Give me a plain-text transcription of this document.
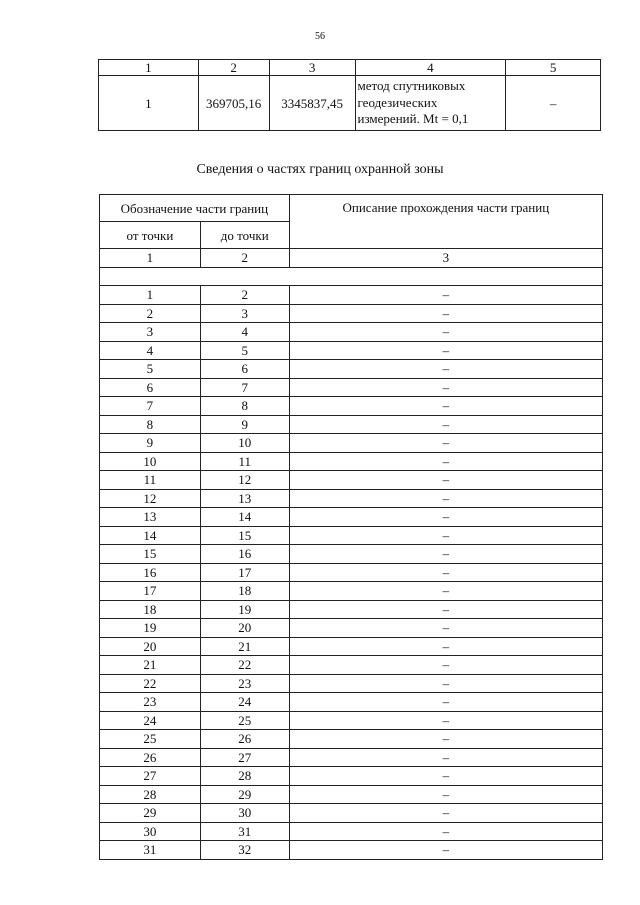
56
1	2	3	4	5
1	369705,16	3345837,45	метод спутниковых
геодезических
измерений. Mt = 0,1	–
Сведения о частях границ охранной зоны
Обозначение части границ		Описание прохождения части границ
от точки	до точки	
1	2	3

1	2	–
2	3	–
3	4	–
4	5	–
5	6	–
6	7	–
7	8	–
8	9	–
9	10	–
10	11	–
11	12	–
12	13	–
13	14	–
14	15	–
15	16	–
16	17	–
17	18	–
18	19	–
19	20	–
20	21	–
21	22	–
22	23	–
23	24	–
24	25	–
25	26	–
26	27	–
27	28	–
28	29	–
29	30	–
30	31	–
31	32	–
